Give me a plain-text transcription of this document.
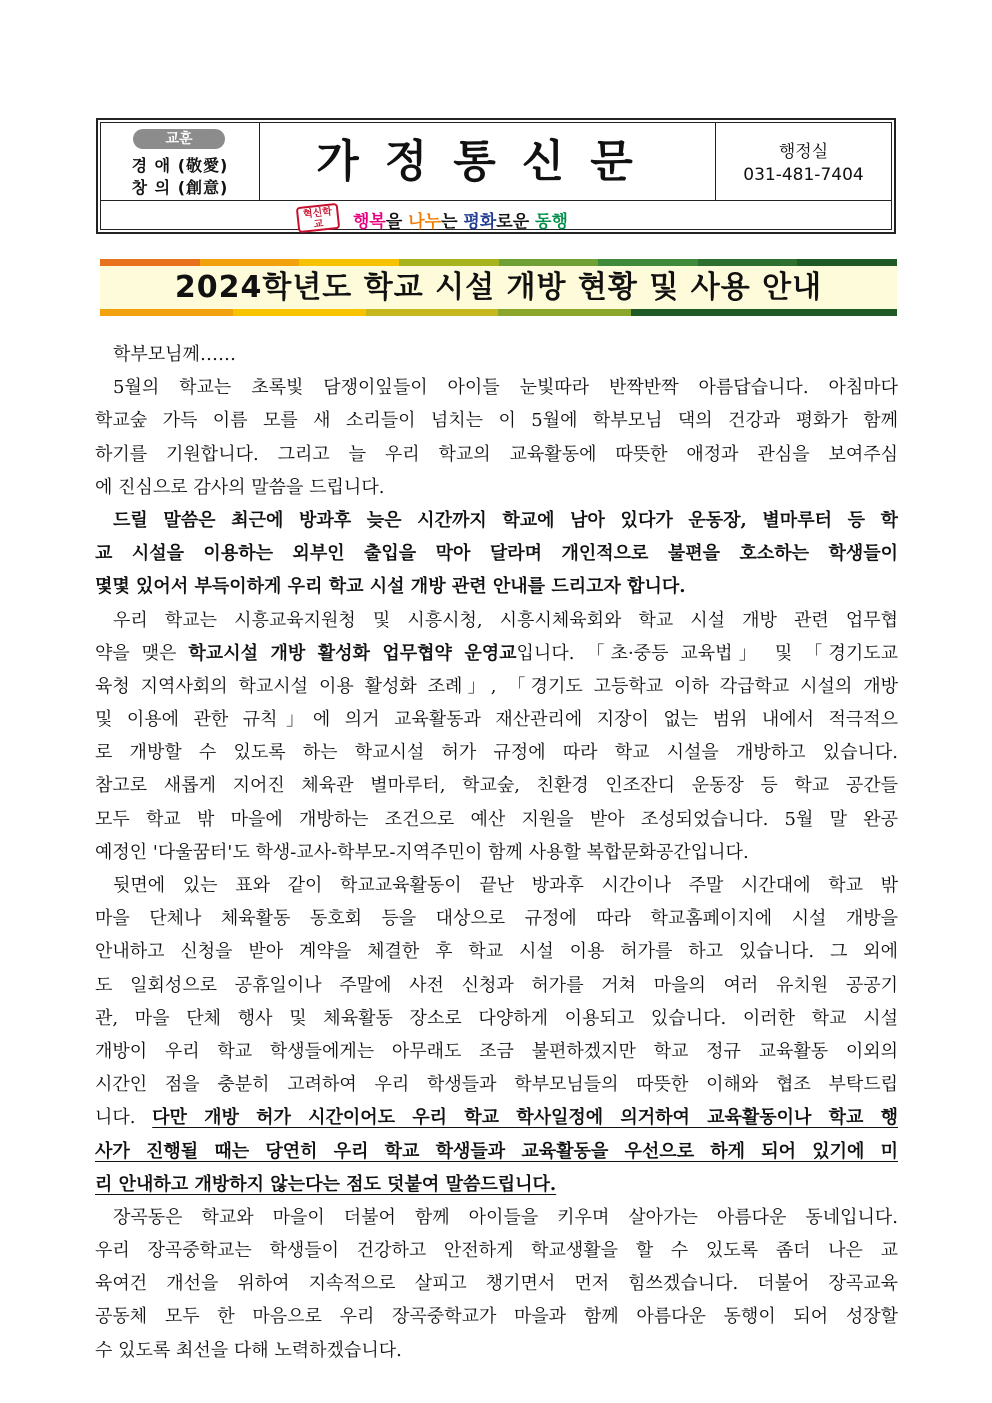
교훈
경 애 (敬愛)
창 의 (創意)
가정통신문	행정실
031-481-7404
혁신학교	행복을 나누는 평화로운 동행
2024학년도 학교 시설 개방 현황 및 사용 안내
학부모님께……
5월의 학교는 초록빛 담쟁이잎들이 아이들 눈빛따라 반짝반짝 아름답습니다. 아침마다
학교숲 가득 이름 모를 새 소리들이 넘치는 이 5월에 학부모님 댁의 건강과 평화가 함께
하기를 기원합니다. 그리고 늘 우리 학교의 교육활동에 따뜻한 애정과 관심을 보여주심
에 진심으로 감사의 말씀을 드립니다.
드릴 말씀은 최근에 방과후 늦은 시간까지 학교에 남아 있다가 운동장, 별마루터 등 학
교 시설을 이용하는 외부인 출입을 막아 달라며 개인적으로 불편을 호소하는 학생들이
몇몇 있어서 부득이하게 우리 학교 시설 개방 관련 안내를 드리고자 합니다.
우리 학교는 시흥교육지원청 및 시흥시청, 시흥시체육회와 학교 시설 개방 관련 업무협
약을 맺은 학교시설 개방 활성화 업무협약 운영교입니다. 「초·중등 교육법」 및 「경기도교
육청 지역사회의 학교시설 이용 활성화 조례」, 「경기도 고등학교 이하 각급학교 시설의 개방
및 이용에 관한 규칙」에 의거 교육활동과 재산관리에 지장이 없는 범위 내에서 적극적으
로 개방할 수 있도록 하는 학교시설 허가 규정에 따라 학교 시설을 개방하고 있습니다.
참고로 새롭게 지어진 체육관 별마루터, 학교숲, 친환경 인조잔디 운동장 등 학교 공간들
모두 학교 밖 마을에 개방하는 조건으로 예산 지원을 받아 조성되었습니다. 5월 말 완공
예정인 '다울꿈터'도 학생-교사-학부모-지역주민이 함께 사용할 복합문화공간입니다.
뒷면에 있는 표와 같이 학교교육활동이 끝난 방과후 시간이나 주말 시간대에 학교 밖
마을 단체나 체육활동 동호회 등을 대상으로 규정에 따라 학교홈페이지에 시설 개방을
안내하고 신청을 받아 계약을 체결한 후 학교 시설 이용 허가를 하고 있습니다. 그 외에
도 일회성으로 공휴일이나 주말에 사전 신청과 허가를 거쳐 마을의 여러 유치원 공공기
관, 마을 단체 행사 및 체육활동 장소로 다양하게 이용되고 있습니다. 이러한 학교 시설
개방이 우리 학교 학생들에게는 아무래도 조금 불편하겠지만 학교 정규 교육활동 이외의
시간인 점을 충분히 고려하여 우리 학생들과 학부모님들의 따뜻한 이해와 협조 부탁드립
니다. 다만 개방 허가 시간이어도 우리 학교 학사일정에 의거하여 교육활동이나 학교 행
사가 진행될 때는 당연히 우리 학교 학생들과 교육활동을 우선으로 하게 되어 있기에 미
리 안내하고 개방하지 않는다는 점도 덧붙여 말씀드립니다.
장곡동은 학교와 마을이 더불어 함께 아이들을 키우며 살아가는 아름다운 동네입니다.
우리 장곡중학교는 학생들이 건강하고 안전하게 학교생활을 할 수 있도록 좀더 나은 교
육여건 개선을 위하여 지속적으로 살피고 챙기면서 먼저 힘쓰겠습니다. 더불어 장곡교육
공동체 모두 한 마음으로 우리 장곡중학교가 마을과 함께 아름다운 동행이 되어 성장할
수 있도록 최선을 다해 노력하겠습니다.
